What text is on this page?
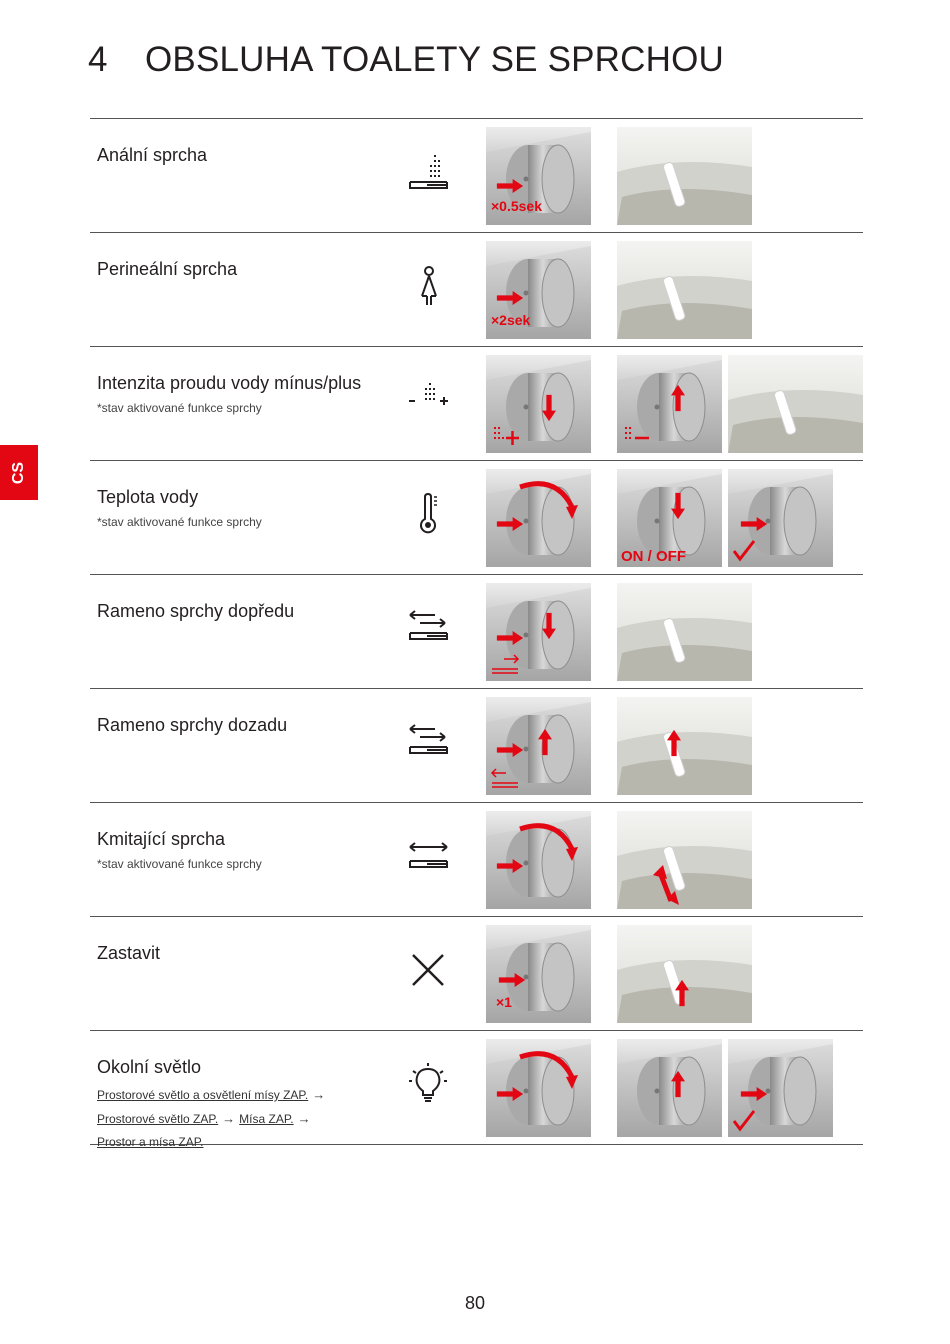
4 OBSLUHA TOALETY SE SPRCHOU
CS
Anální sprcha
×0.5sek
Perineální sprcha
×2sek
Intenzita proudu vody mínus/plus
*stav aktivované funkce sprchy
Teplota vody
*stav aktivované funkce sprchy
ON / OFF
Rameno sprchy dopředu
Rameno sprchy dozadu
Kmitající sprcha
*stav aktivované funkce sprchy
Zastavit
×1
Okolní světlo
Prostorové světlo a osvětlení mísy ZAP. →
Prostorové světlo ZAP. → Mísa ZAP. →
Prostor a mísa ZAP.
80
